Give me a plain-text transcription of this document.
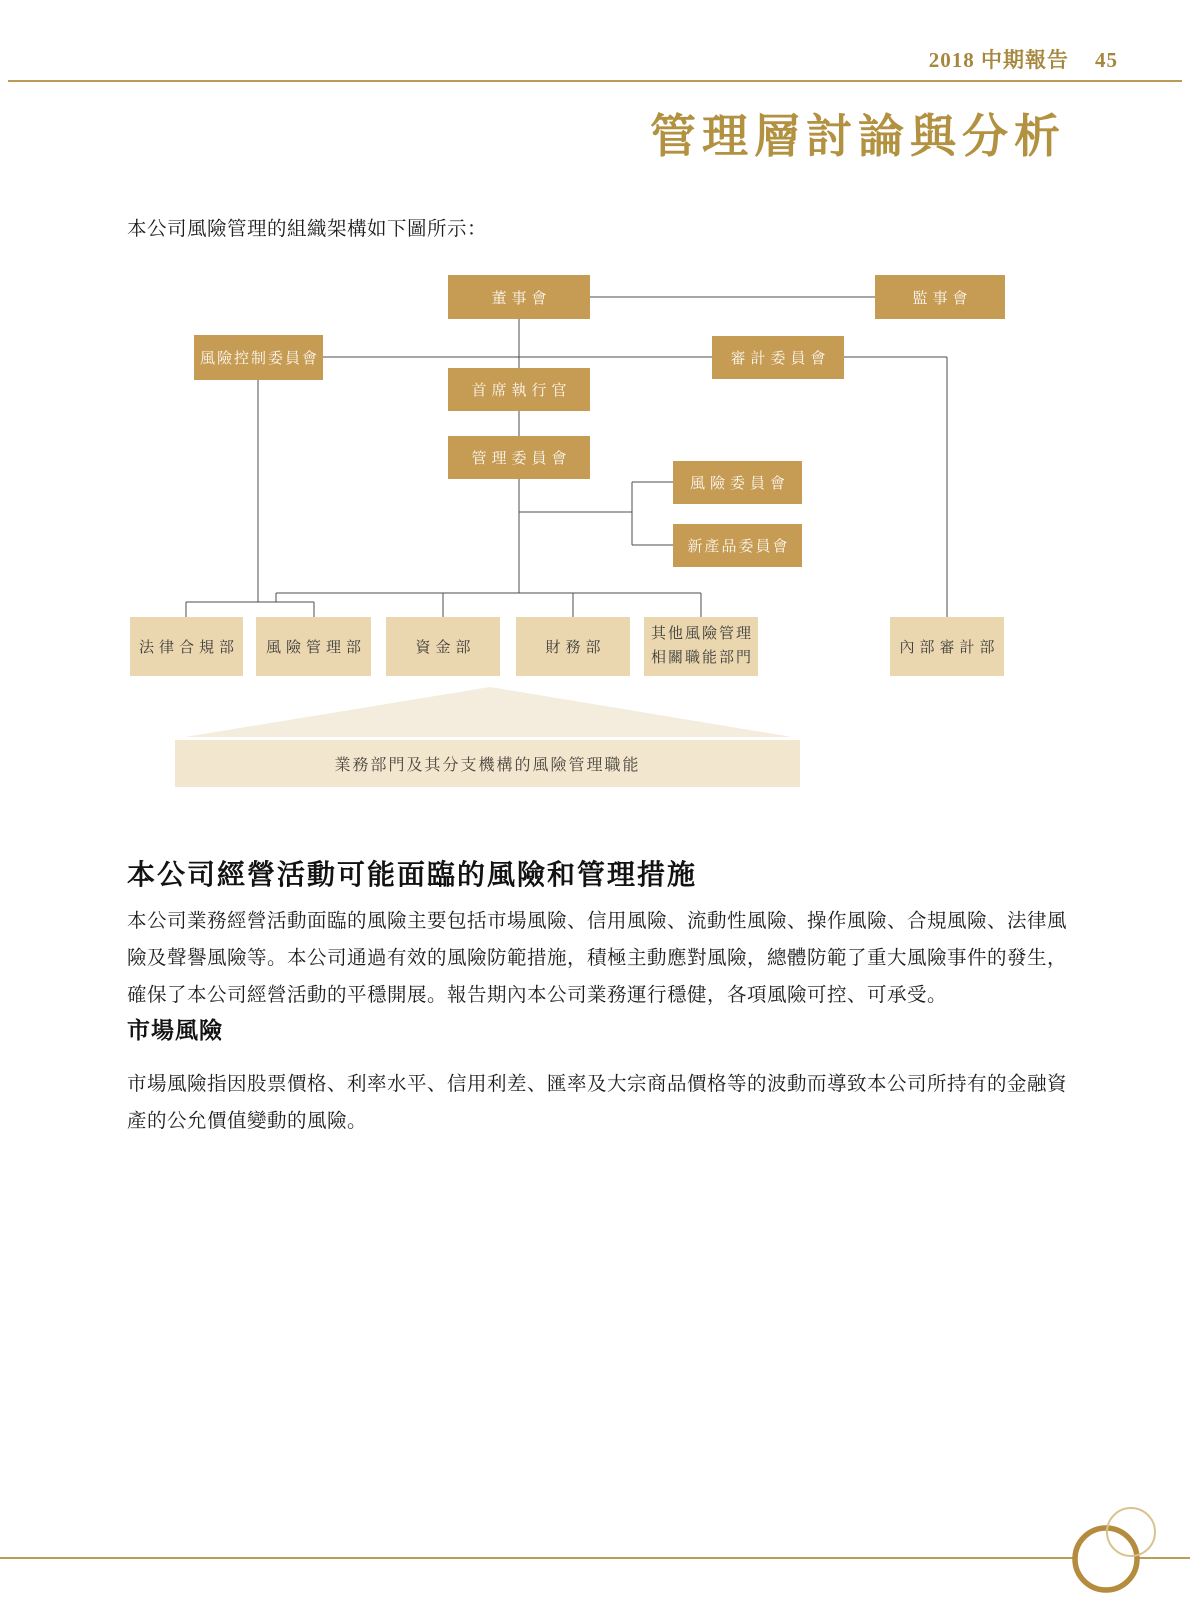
2018 中期報告 45
管理層討論與分析
本公司風險管理的組織架構如下圖所示：
董事會	監事會
風險控制委員會	審計委員會
首席執行官
管理委員會
風險委員會
新產品委員會
法律合規部	風險管理部	資金部	財務部
其他風險管理
相關職能部門
內部審計部
業務部門及其分支機構的風險管理職能
本公司經營活動可能面臨的風險和管理措施
本公司業務經營活動面臨的風險主要包括市場風險、信用風險、流動性風險、操作風險、合規風險、法律風險及聲譽風險等。本公司通過有效的風險防範措施，積極主動應對風險，總體防範了重大風險事件的發生，確保了本公司經營活動的平穩開展。報告期內本公司業務運行穩健，各項風險可控、可承受。
市場風險
市場風險指因股票價格、利率水平、信用利差、匯率及大宗商品價格等的波動而導致本公司所持有的金融資產的公允價值變動的風險。
